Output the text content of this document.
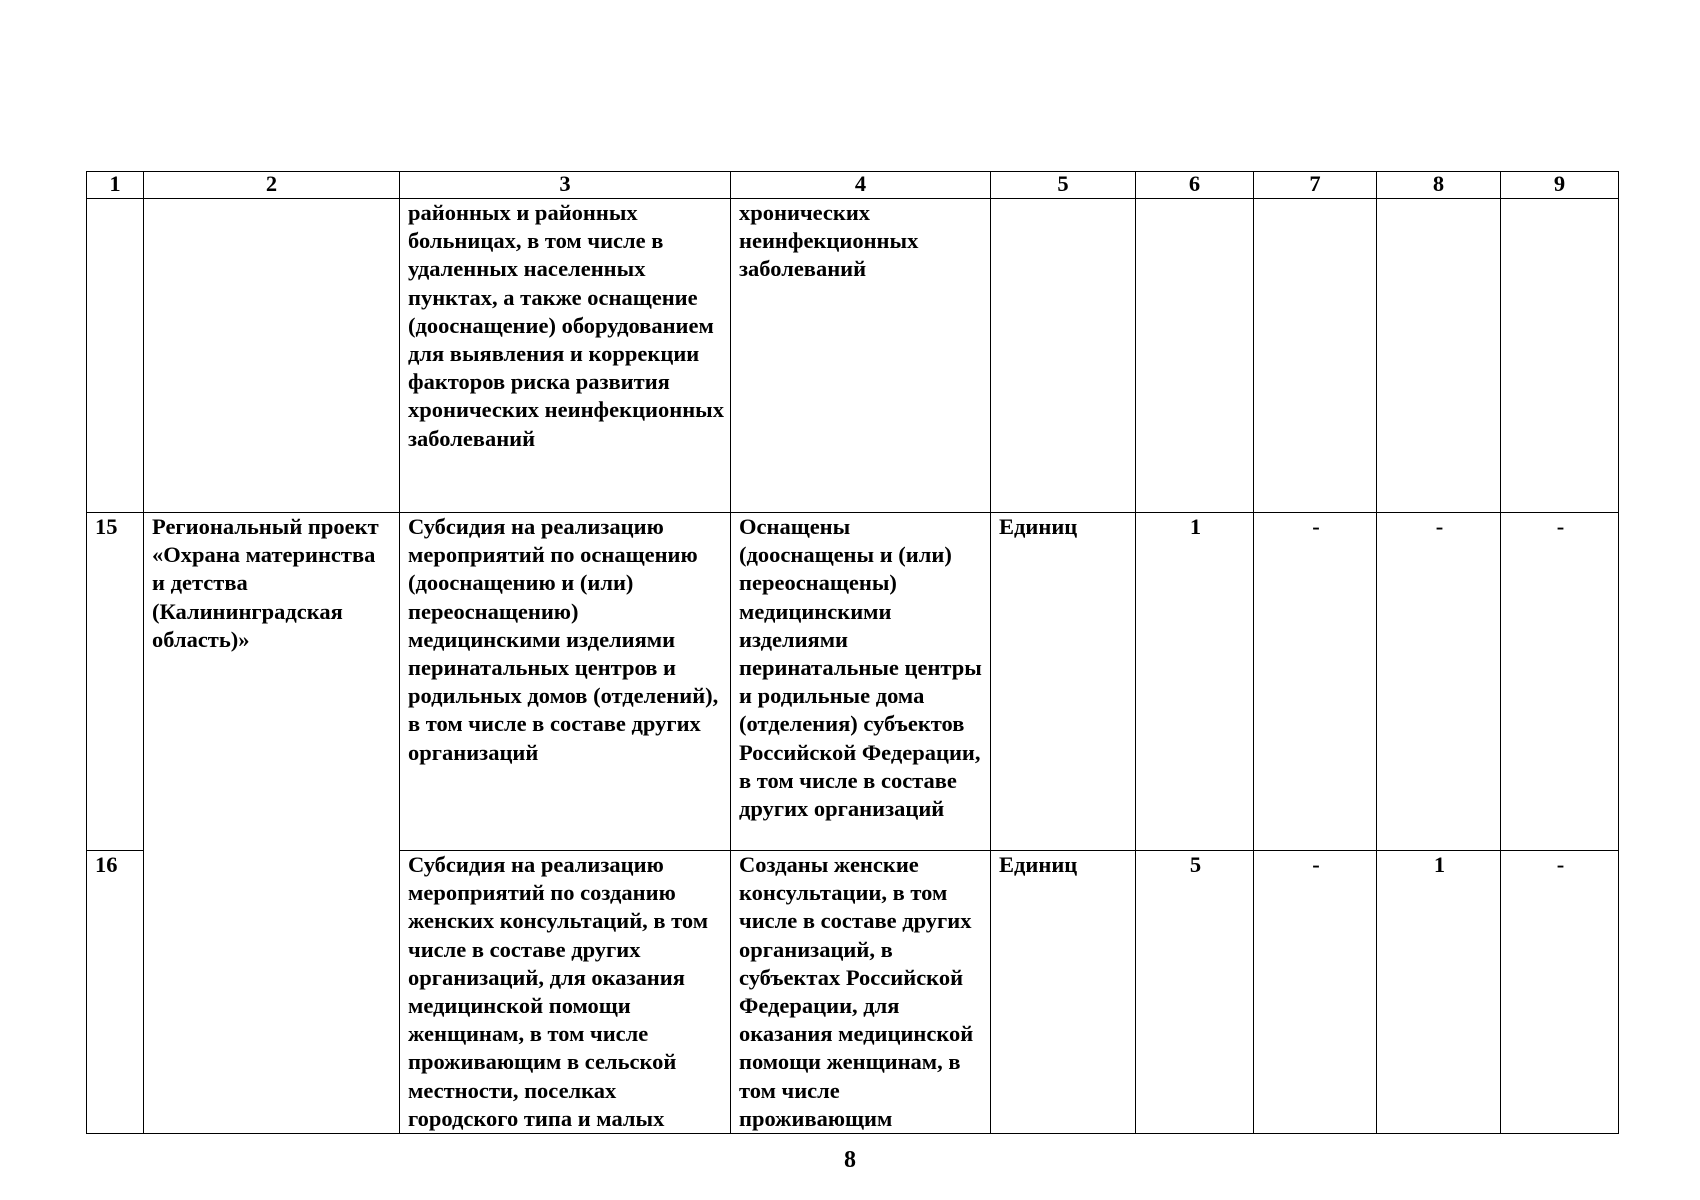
1	2	3	4	5	6	7	8	9
		районных и районных больницах, в том числе в удаленных населенных пунктах, а также оснащение (дооснащение) оборудованием для выявления и коррекции факторов риска развития хронических неинфекционных заболеваний	хронических неинфекционных заболеваний					
15	Региональный проект «Охрана материнства и детства (Калининградская область)»	Субсидия на реализацию мероприятий по оснащению (дооснащению и (или) переоснащению) медицинскими изделиями перинатальных центров и родильных домов (отделений), в том числе в составе других организаций	Оснащены (дооснащены и (или) переоснащены) медицинскими изделиями перинатальные центры и родильные дома (отделения) субъектов Российской Федерации, в том числе в составе других организаций	Единиц	1	-	-	-
16		Субсидия на реализацию мероприятий по созданию женских консультаций, в том числе в составе других организаций, для оказания медицинской помощи женщинам, в том числе проживающим в сельской местности, поселках городского типа и малых	Созданы женские консультации, в том числе в составе других организаций, в субъектах Российской Федерации, для оказания медицинской помощи женщинам, в том числе проживающим	Единиц	5	-	1	-
8
